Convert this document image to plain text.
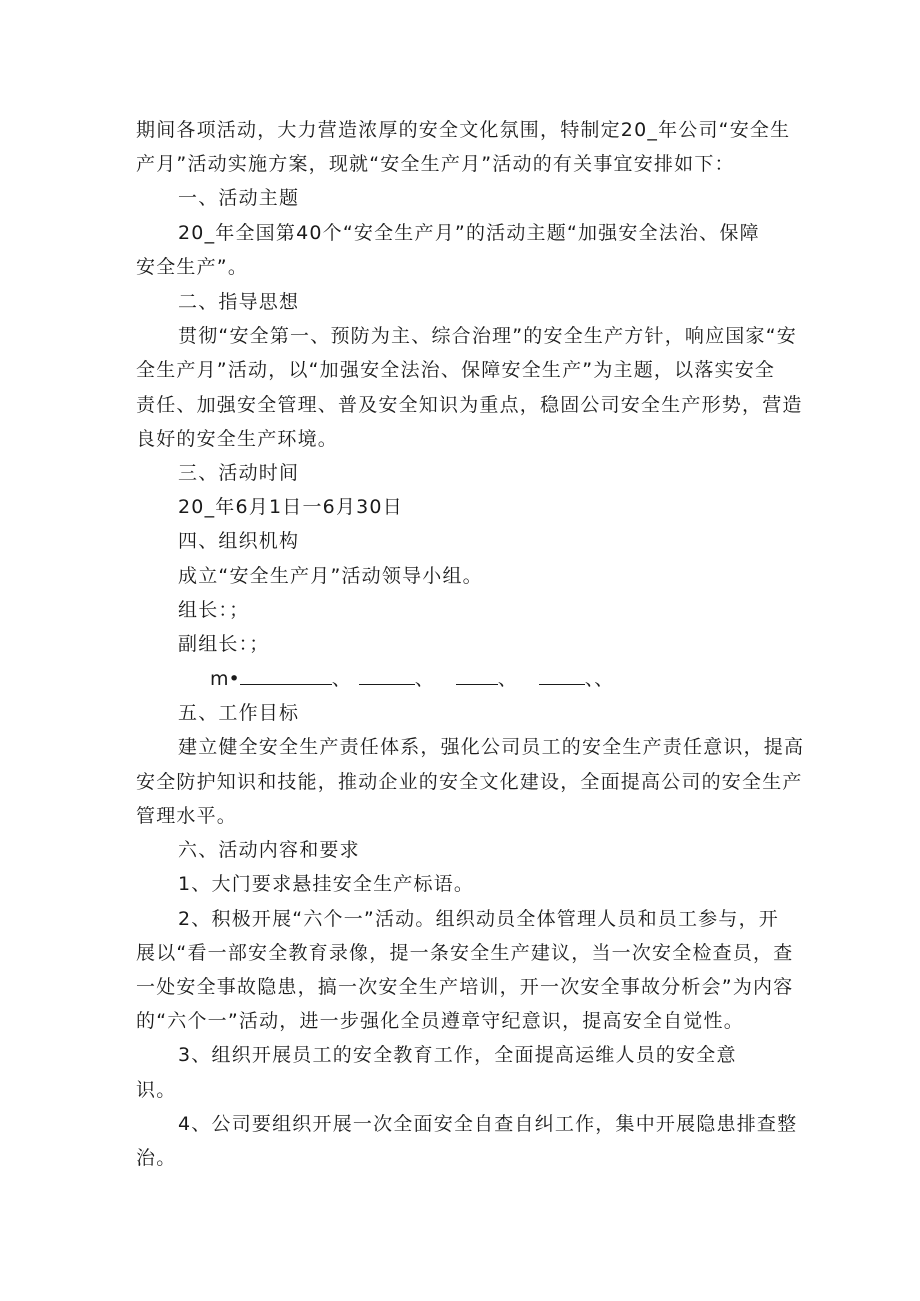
期间各项活动，大力营造浓厚的安全文化氛围，特制定20_年公司“安全生
产月”活动实施方案，现就“安全生产月”活动的有关事宜安排如下：
一、活动主题
20_年全国第40个“安全生产月”的活动主题“加强安全法治、保障
安全生产”。
二、指导思想
贯彻“安全第一、预防为主、综合治理”的安全生产方针，响应国家“安
全生产月”活动，以“加强安全法治、保障安全生产”为主题，以落实安全
责任、加强安全管理、普及安全知识为重点，稳固公司安全生产形势，营造
良好的安全生产环境。
三、活动时间
20_年6月1日一6月30日
四、组织机构
成立“安全生产月”活动领导小组。
组长：；
副组长：；
m•	、	、	、	、、
五、工作目标
建立健全安全生产责任体系，强化公司员工的安全生产责任意识，提高
安全防护知识和技能，推动企业的安全文化建设，全面提高公司的安全生产
管理水平。
六、活动内容和要求
1、大门要求悬挂安全生产标语。
2、积极开展“六个一”活动。组织动员全体管理人员和员工参与，开
展以“看一部安全教育录像，提一条安全生产建议，当一次安全检查员，查
一处安全事故隐患，搞一次安全生产培训，开一次安全事故分析会”为内容
的“六个一”活动，进一步强化全员遵章守纪意识，提高安全自觉性。
3、组织开展员工的安全教育工作，全面提高运维人员的安全意
识。
4、公司要组织开展一次全面安全自查自纠工作，集中开展隐患排查整
治。
